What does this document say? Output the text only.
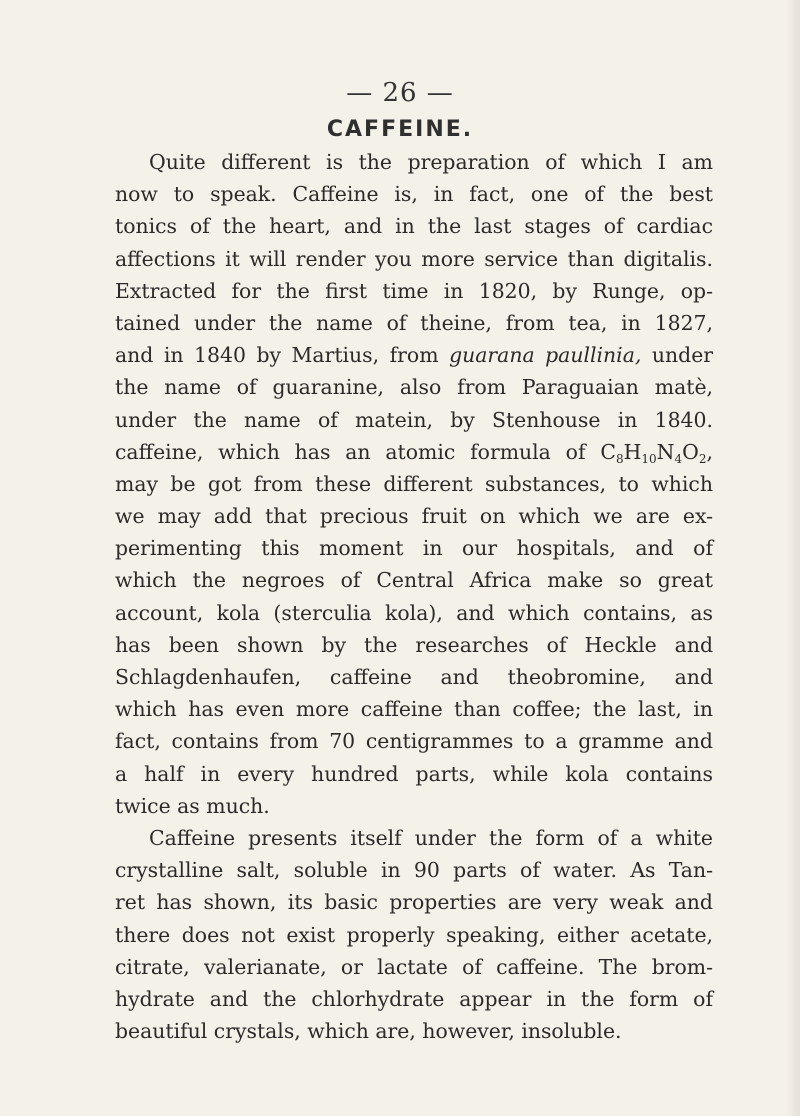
— 26 —
CAFFEINE.
Quite different is the preparation of which I am
now to speak. Caffeine is, in fact, one of the best
tonics of the heart, and in the last stages of cardiac
affections it will render you more service than digitalis.
Extracted for the first time in 1820, by Runge, op-
tained under the name of theine, from tea, in 1827,
and in 1840 by Martius, from guarana paullinia, under
the name of guaranine, also from Paraguaian matè,
under the name of matein, by Stenhouse in 1840.
caffeine, which has an atomic formula of $C_8H_{10}N_4O_2$,
may be got from these different substances, to which
we may add that precious fruit on which we are ex-
perimenting this moment in our hospitals, and of
which the negroes of Central Africa make so great
account, kola (sterculia kola), and which contains, as
has been shown by the researches of Heckle and
Schlagdenhaufen, caffeine and theobromine, and
which has even more caffeine than coffee; the last, in
fact, contains from 70 centigrammes to a gramme and
a half in every hundred parts, while kola contains
twice as much.
Caffeine presents itself under the form of a white
crystalline salt, soluble in 90 parts of water. As Tan-
ret has shown, its basic properties are very weak and
there does not exist properly speaking, either acetate,
citrate, valerianate, or lactate of caffeine. The brom-
hydrate and the chlorhydrate appear in the form of
beautiful crystals, which are, however, insoluble.
